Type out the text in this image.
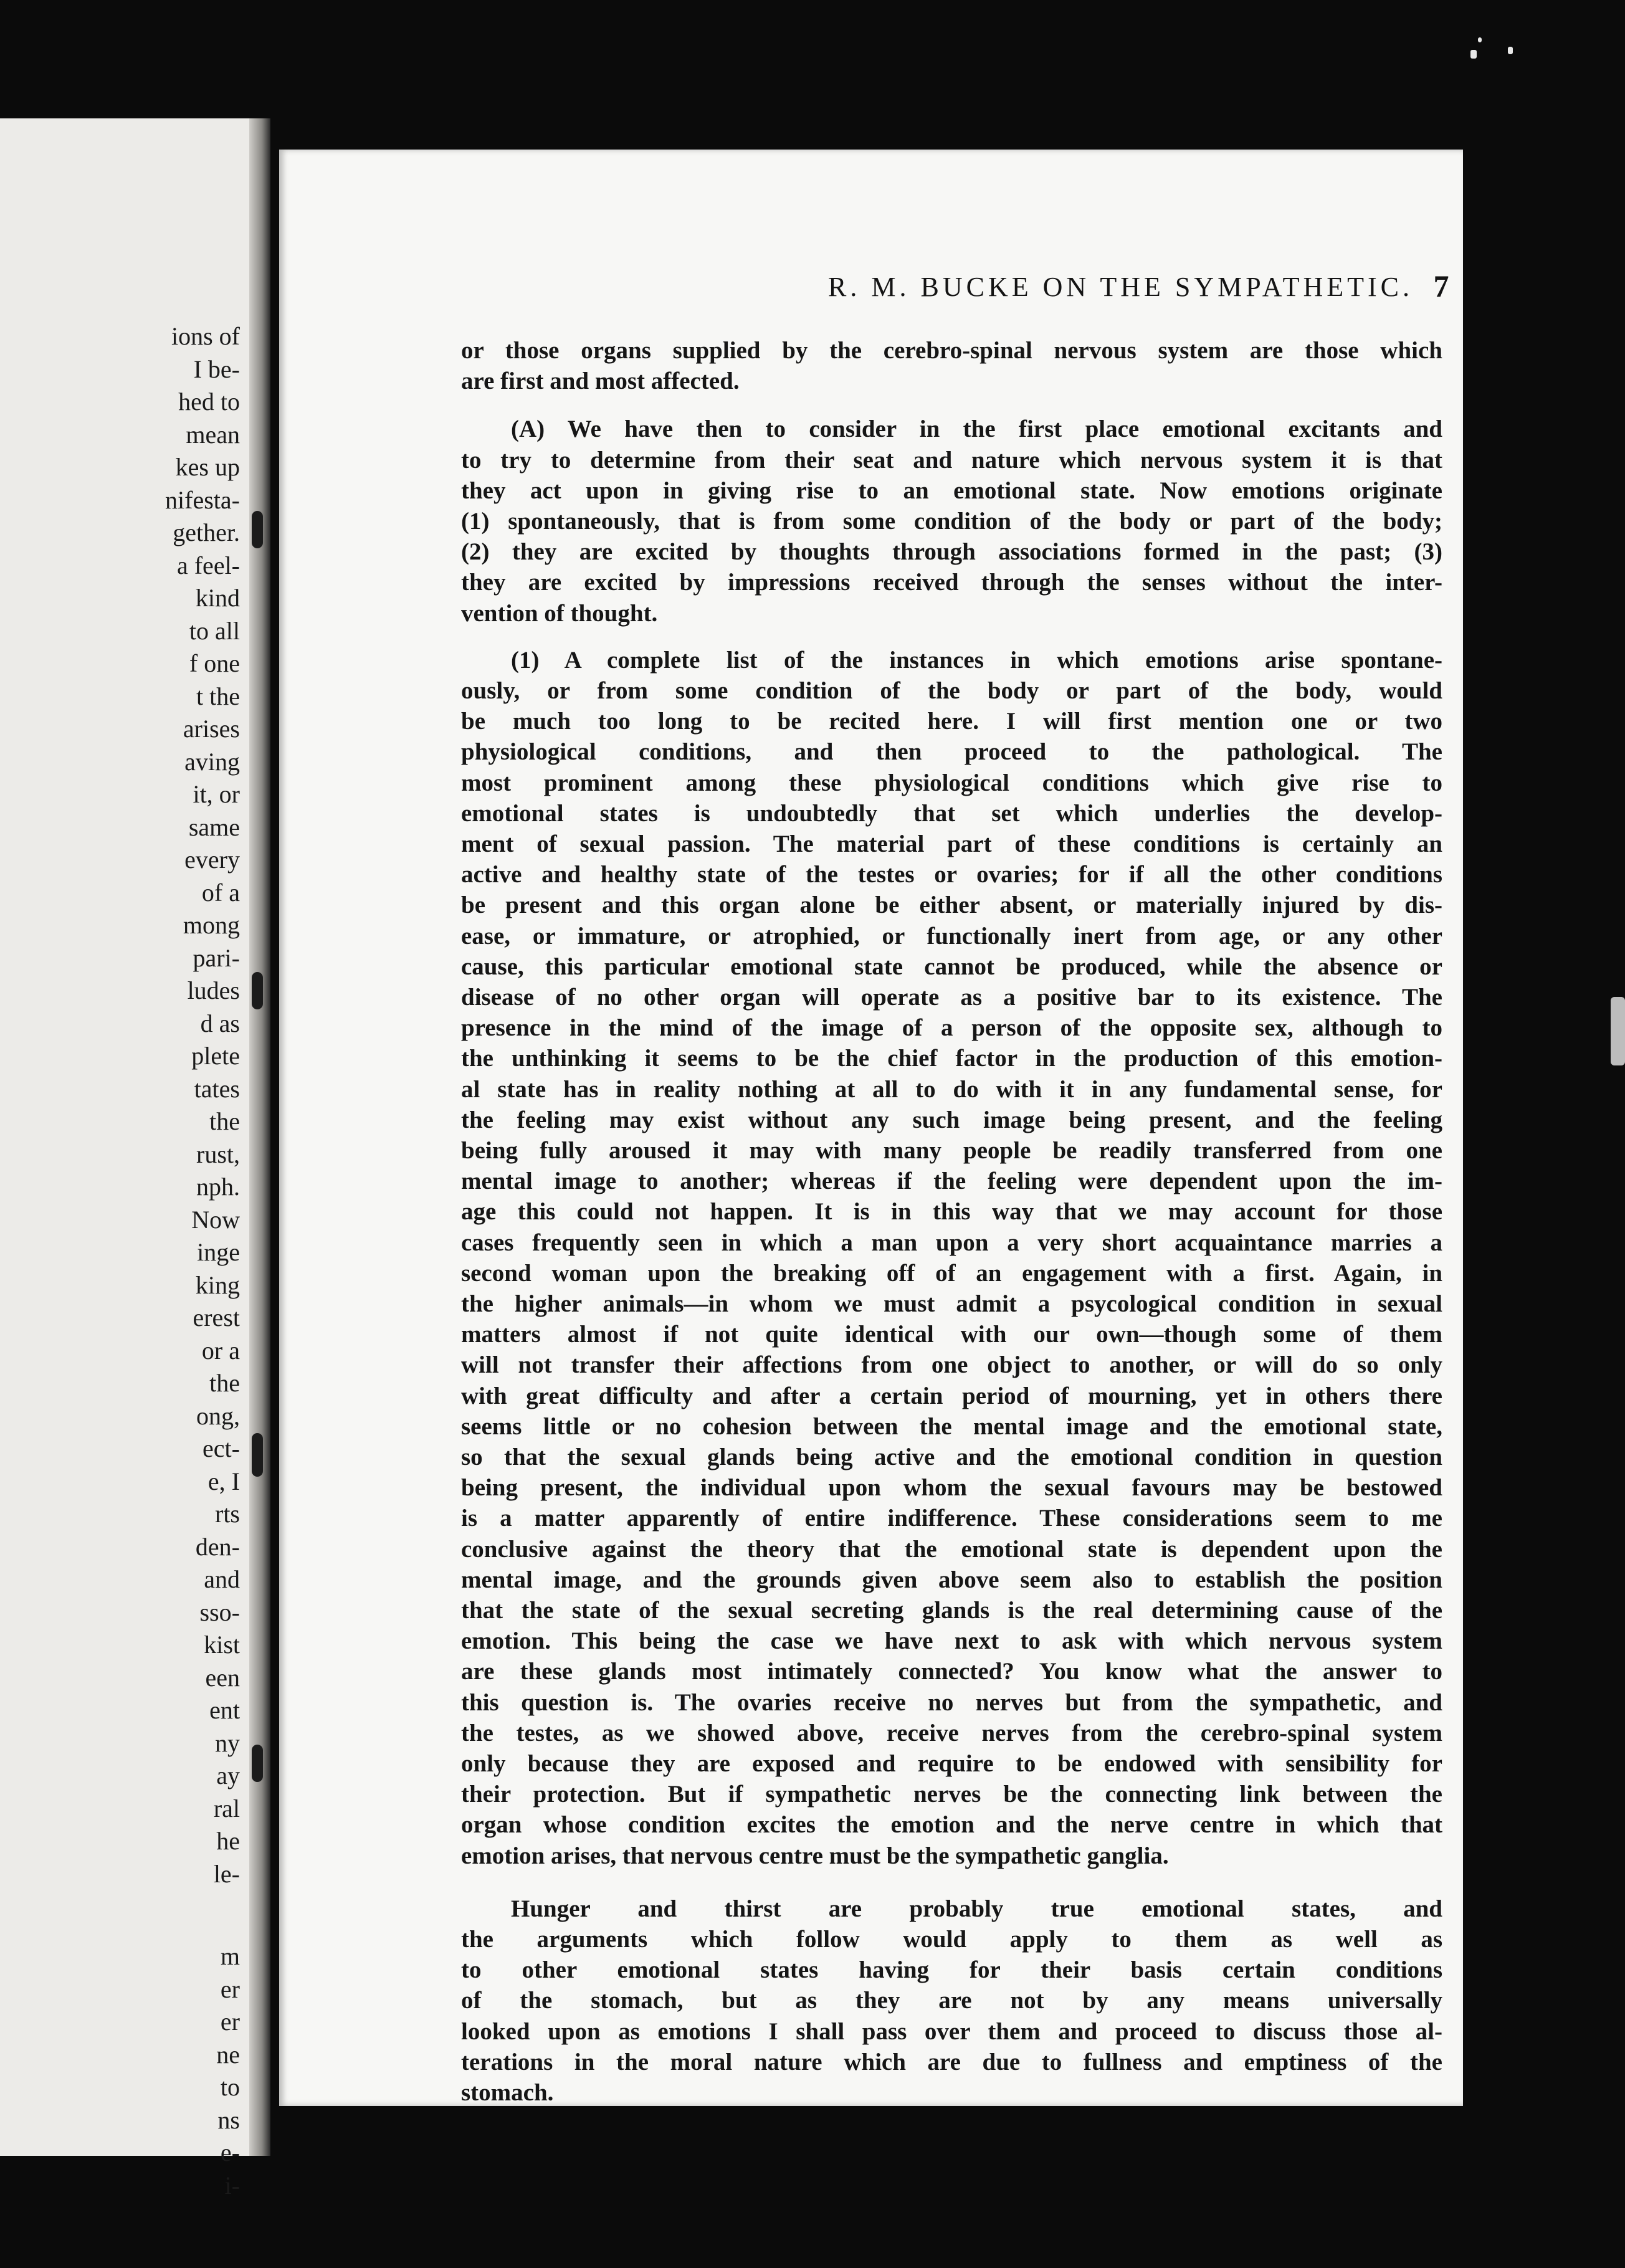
ions of
I be-
hed to
mean
kes up
nifesta-
gether.
a feel-
kind
to all
f one
t the
arises
aving
it, or
same
every
of a
mong
pari-
ludes
d as
plete
tates
the
rust,
nph.
Now
inge
king
erest
or a
the
ong,
ect-
e, I
rts
den-
and
sso-
kist
een
ent
ny
ay
ral
he
le-
m
er
er
ne
to
ns
e-
i-
R. M. BUCKE ON THE SYMPATHETIC. 7
or those organs supplied by the cerebro-spinal nervous system are those which
are first and most affected.
(A) We have then to consider in the first place emotional excitants and
to try to determine from their seat and nature which nervous system it is that
they act upon in giving rise to an emotional state. Now emotions originate
(1) spontaneously, that is from some condition of the body or part of the body;
(2) they are excited by thoughts through associations formed in the past; (3)
they are excited by impressions received through the senses without the inter-
vention of thought.
(1) A complete list of the instances in which emotions arise spontane-
ously, or from some condition of the body or part of the body, would
be much too long to be recited here. I will first mention one or two
physiological conditions, and then proceed to the pathological. The
most prominent among these physiological conditions which give rise to
emotional states is undoubtedly that set which underlies the develop-
ment of sexual passion. The material part of these conditions is certainly an
active and healthy state of the testes or ovaries; for if all the other conditions
be present and this organ alone be either absent, or materially injured by dis-
ease, or immature, or atrophied, or functionally inert from age, or any other
cause, this particular emotional state cannot be produced, while the absence or
disease of no other organ will operate as a positive bar to its existence. The
presence in the mind of the image of a person of the opposite sex, although to
the unthinking it seems to be the chief factor in the production of this emotion-
al state has in reality nothing at all to do with it in any fundamental sense, for
the feeling may exist without any such image being present, and the feeling
being fully aroused it may with many people be readily transferred from one
mental image to another; whereas if the feeling were dependent upon the im-
age this could not happen. It is in this way that we may account for those
cases frequently seen in which a man upon a very short acquaintance marries a
second woman upon the breaking off of an engagement with a first. Again, in
the higher animals—in whom we must admit a psycological condition in sexual
matters almost if not quite identical with our own—though some of them
will not transfer their affections from one object to another, or will do so only
with great difficulty and after a certain period of mourning, yet in others there
seems little or no cohesion between the mental image and the emotional state,
so that the sexual glands being active and the emotional condition in question
being present, the individual upon whom the sexual favours may be bestowed
is a matter apparently of entire indifference. These considerations seem to me
conclusive against the theory that the emotional state is dependent upon the
mental image, and the grounds given above seem also to establish the position
that the state of the sexual secreting glands is the real determining cause of the
emotion. This being the case we have next to ask with which nervous system
are these glands most intimately connected? You know what the answer to
this question is. The ovaries receive no nerves but from the sympathetic, and
the testes, as we showed above, receive nerves from the cerebro-spinal system
only because they are exposed and require to be endowed with sensibility for
their protection. But if sympathetic nerves be the connecting link between the
organ whose condition excites the emotion and the nerve centre in which that
emotion arises, that nervous centre must be the sympathetic ganglia.
Hunger and thirst are probably true emotional states, and
the arguments which follow would apply to them as well as
to other emotional states having for their basis certain conditions
of the stomach, but as they are not by any means universally
looked upon as emotions I shall pass over them and proceed to discuss those al-
terations in the moral nature which are due to fullness and emptiness of the
stomach.
